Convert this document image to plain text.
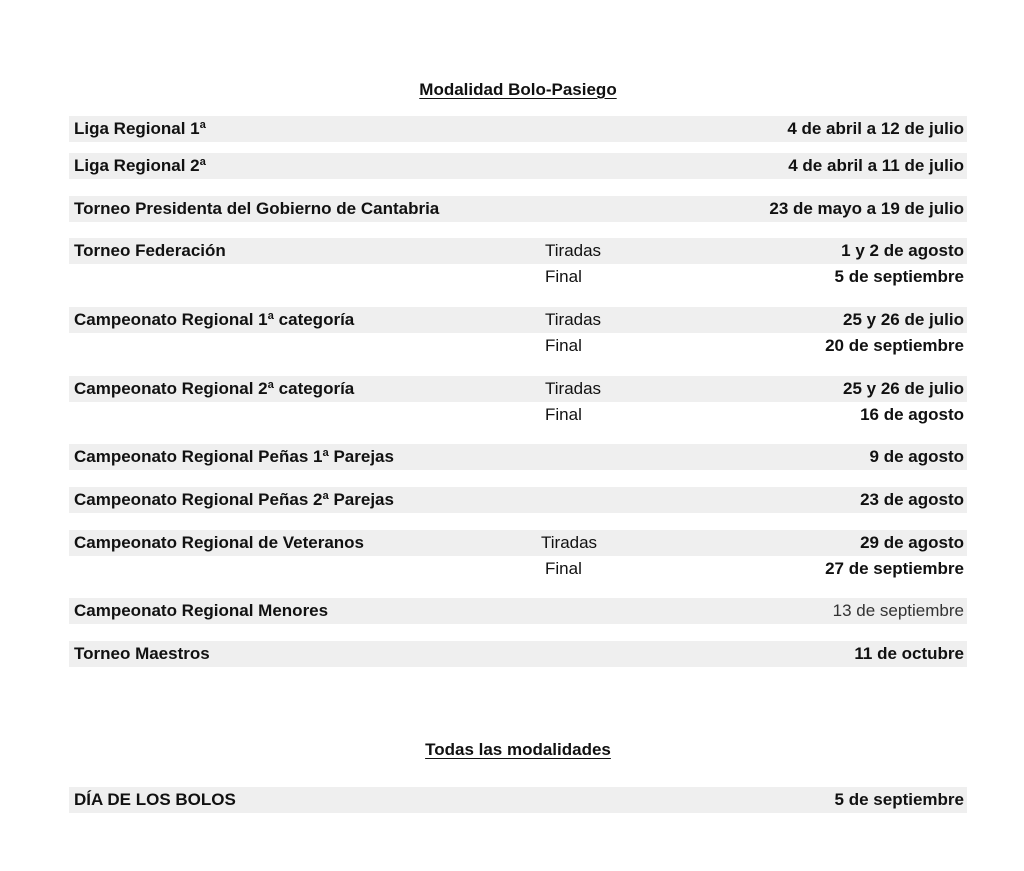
Modalidad Bolo-Pasiego
Liga Regional 1ª	4 de abril a 12 de julio
Liga Regional 2ª	4 de abril a 11 de julio
Torneo Presidenta del Gobierno de Cantabria	23 de mayo a 19 de julio
Torneo Federación	Tiradas	1 y 2 de agosto
Final	5 de septiembre
Campeonato Regional 1ª categoría	Tiradas	25 y 26 de julio
Final	20 de septiembre
Campeonato Regional 2ª categoría	Tiradas	25 y 26 de julio
Final	16 de agosto
Campeonato Regional Peñas 1ª Parejas	9 de agosto
Campeonato Regional Peñas 2ª Parejas	23 de agosto
Campeonato Regional de Veteranos	Tiradas	29 de agosto
Final	27 de septiembre
Campeonato Regional Menores	13 de septiembre
Torneo Maestros	11 de octubre
Todas las modalidades
DÍA DE LOS BOLOS	5 de septiembre
